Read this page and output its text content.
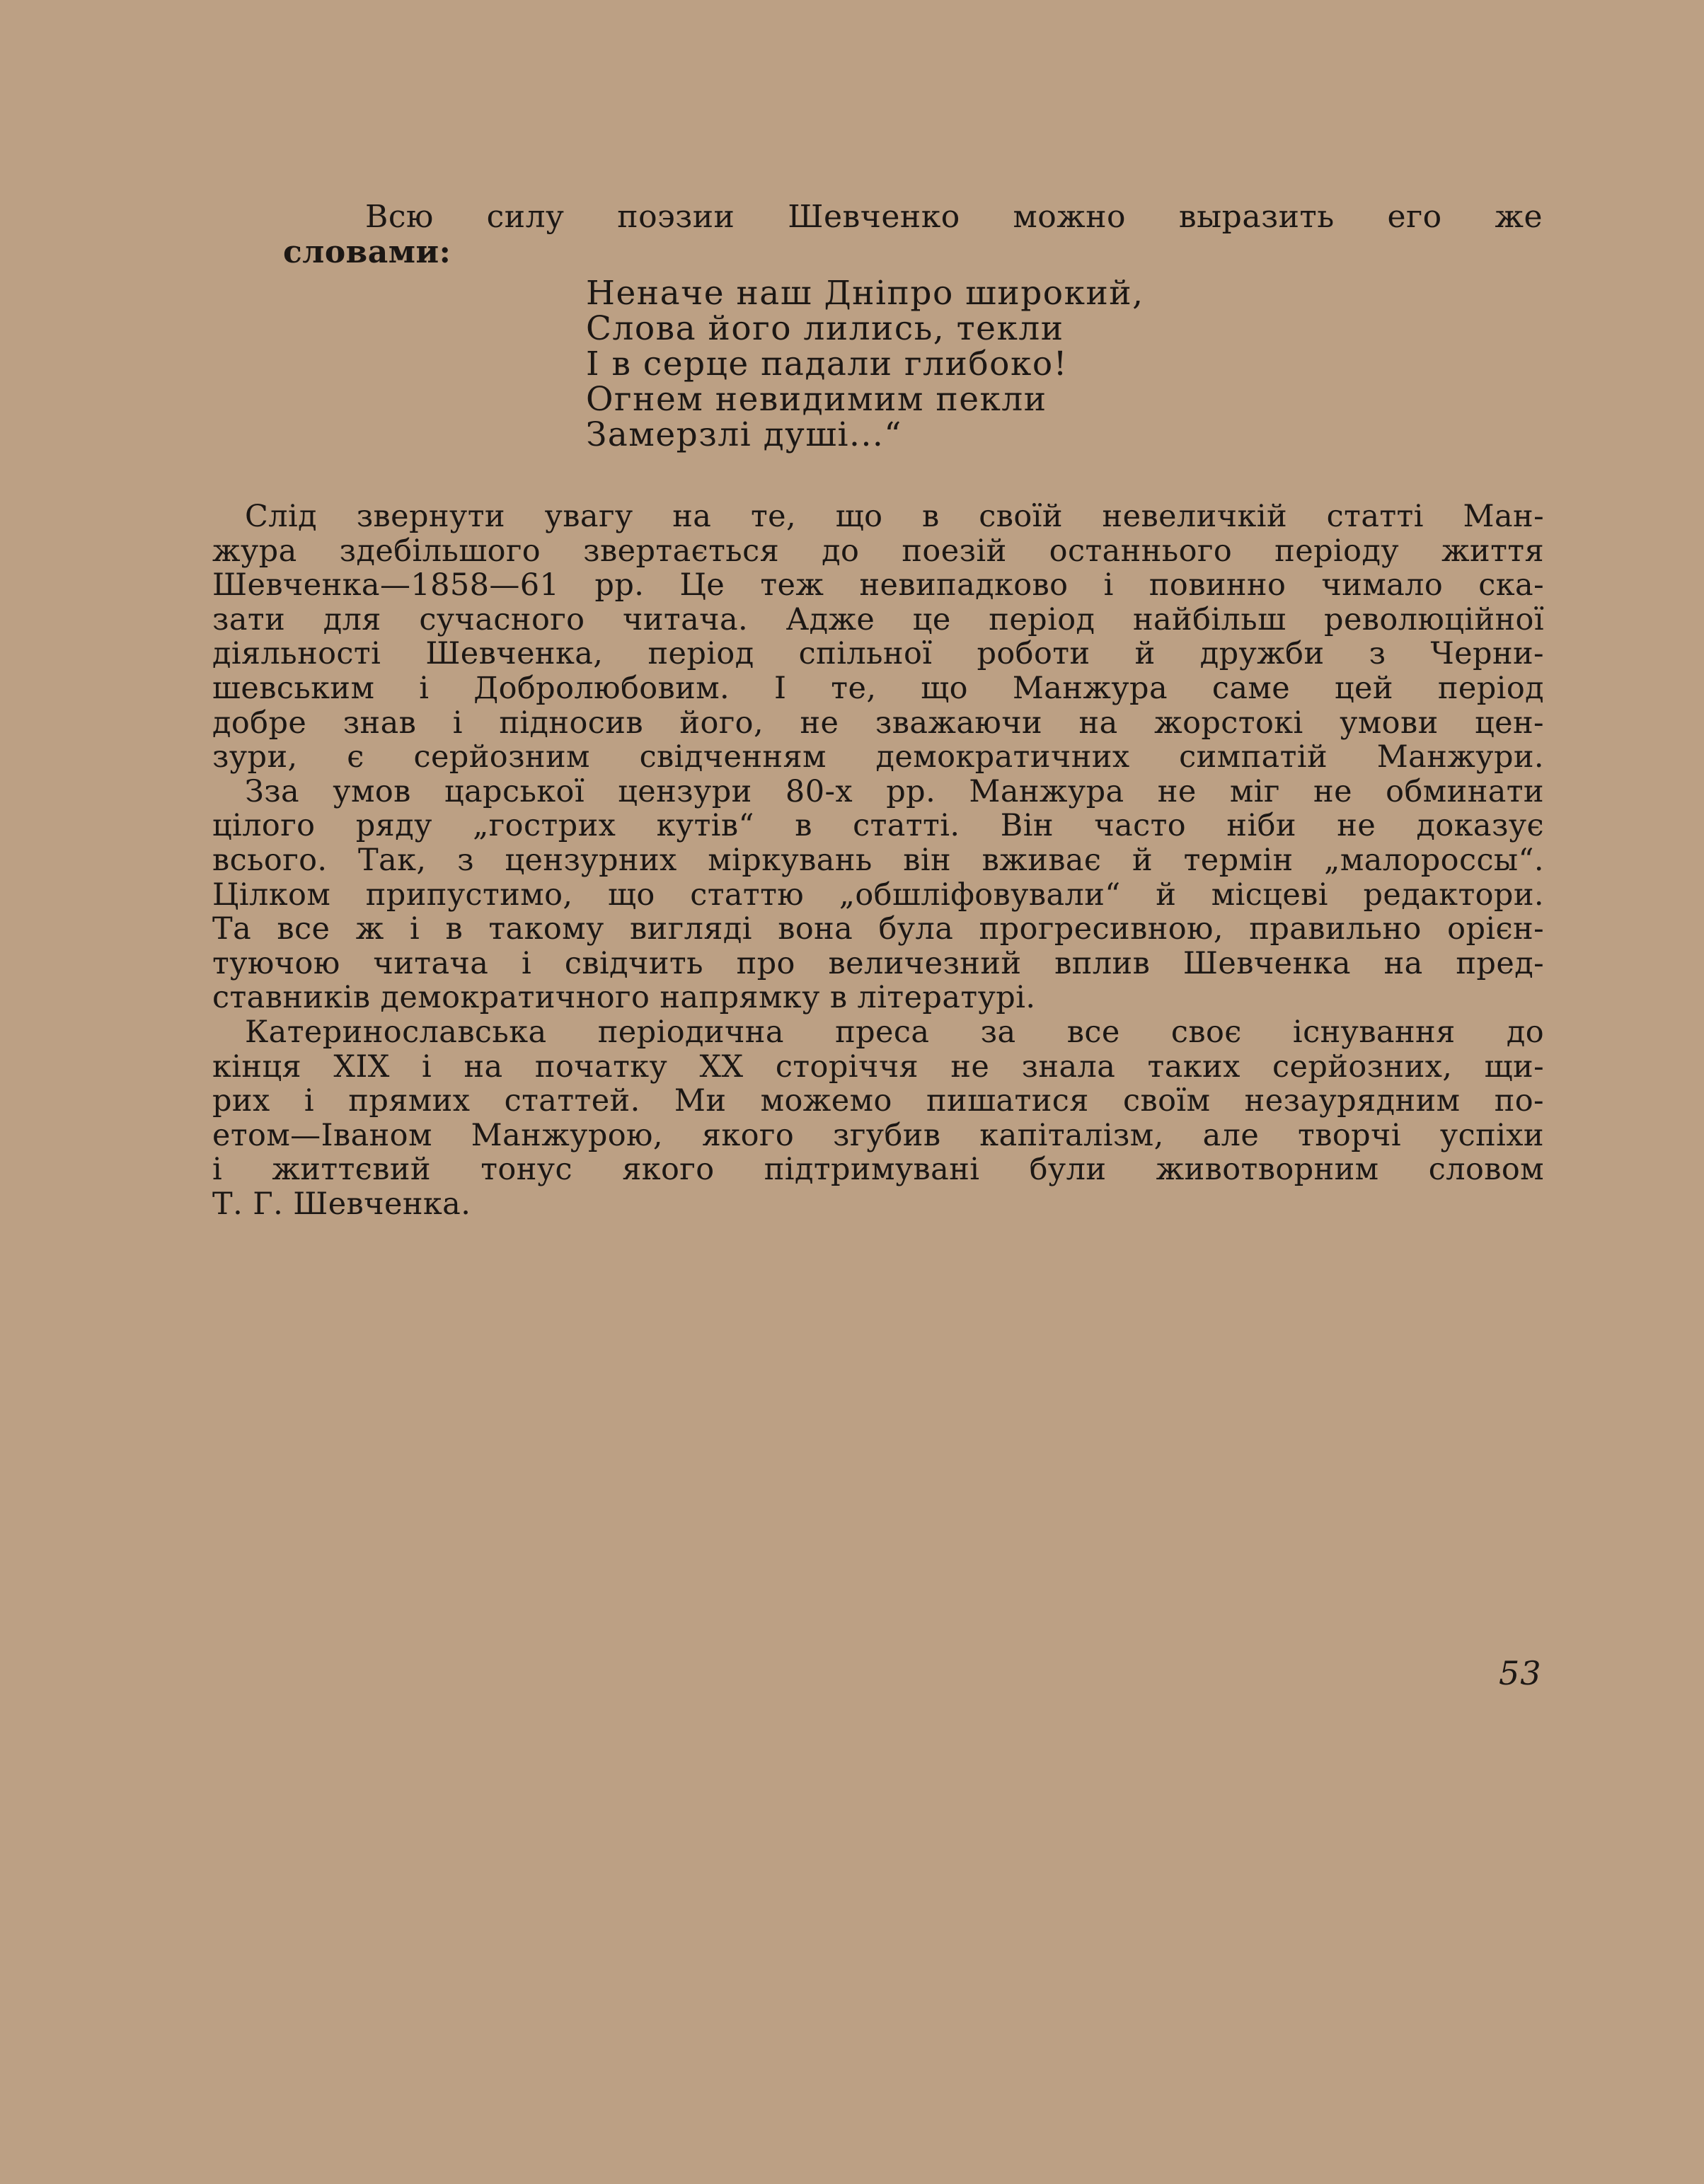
Всю силу поэзии Шевченко можно выразить его же
словами:
Неначе наш Дніпро широкий,
Слова його лились, текли
І в серце падали глибоко!
Огнем невидимим пекли
Замерзлі душі...“

Слід звернути увагу на те, що в своїй невеличкій статті Ман-
жура здебільшого звертається до поезій останнього періоду життя
Шевченка—1858—61 рр. Це теж невипадково і повинно чимало ска-
зати для сучасного читача. Адже це період найбільш революційної
діяльності Шевченка, період спільної роботи й дружби з Черни-
шевським і Добролюбовим. І те, що Манжура саме цей період
добре знав і підносив його, не зважаючи на жорстокі умови цен-
зури, є серйозним свідченням демократичних симпатій Манжури.

Зза умов царської цензури 80-х рр. Манжура не міг не обминати
цілого ряду „гострих кутів“ в статті. Він часто ніби не доказує
всього. Так, з цензурних міркувань він вживає й термін „малороссы“.
Цілком припустимо, що статтю „обшліфовували“ й місцеві редактори.
Та все ж і в такому вигляді вона була прогресивною, правильно орієн-
туючою читача і свідчить про величезний вплив Шевченка на пред-
ставників демократичного напрямку в літературі.

Катеринославська періодична преса за все своє існування до
кінця XIX і на початку XX сторіччя не знала таких серйозних, щи-
рих і прямих статтей. Ми можемо пишатися своїм незаурядним по-
етом—Іваном Манжурою, якого згубив капіталізм, але творчі успіхи
і життєвий тонус якого підтримувані були животворним словом
Т. Г. Шевченка.

53
